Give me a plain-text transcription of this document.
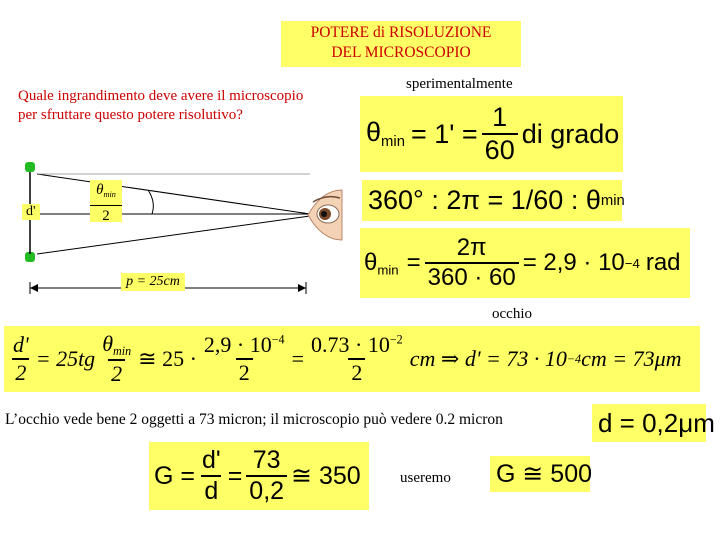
POTERE di RISOLUZIONE
DEL MICROSCOPIO
Quale ingrandimento deve avere il microscopio per sfruttare questo potere risolutivo?
sperimentalmente
occhio
d'
$\theta_{min}$
2
p = 25cm
$\theta_{min} = 1' = \frac{1}{60}$ di grado
360° : 2π = 1/60 : θ min
$\theta_{min} = \frac{2\pi}{360 \cdot 60} = 2,9 \cdot 10 -4$ rad
$\frac{d'}{2} = 25tg \frac{\theta_{min}}{2}$ ≅ $25 \cdot \frac{2,9 \cdot 10^{-4}}{2} = \frac{0.73 \cdot 10^{-2}}{2}$ cm ⇒ d' = 73 · 10 −4 cm = 73μm
L’occhio vede bene 2 oggetti a 73 micron; il microscopio può vedere 0.2 micron	d = 0,2μm
$G = \frac{d'}{d} = \frac{73}{0,2}$ ≅ 350	useremo G ≅ 500
